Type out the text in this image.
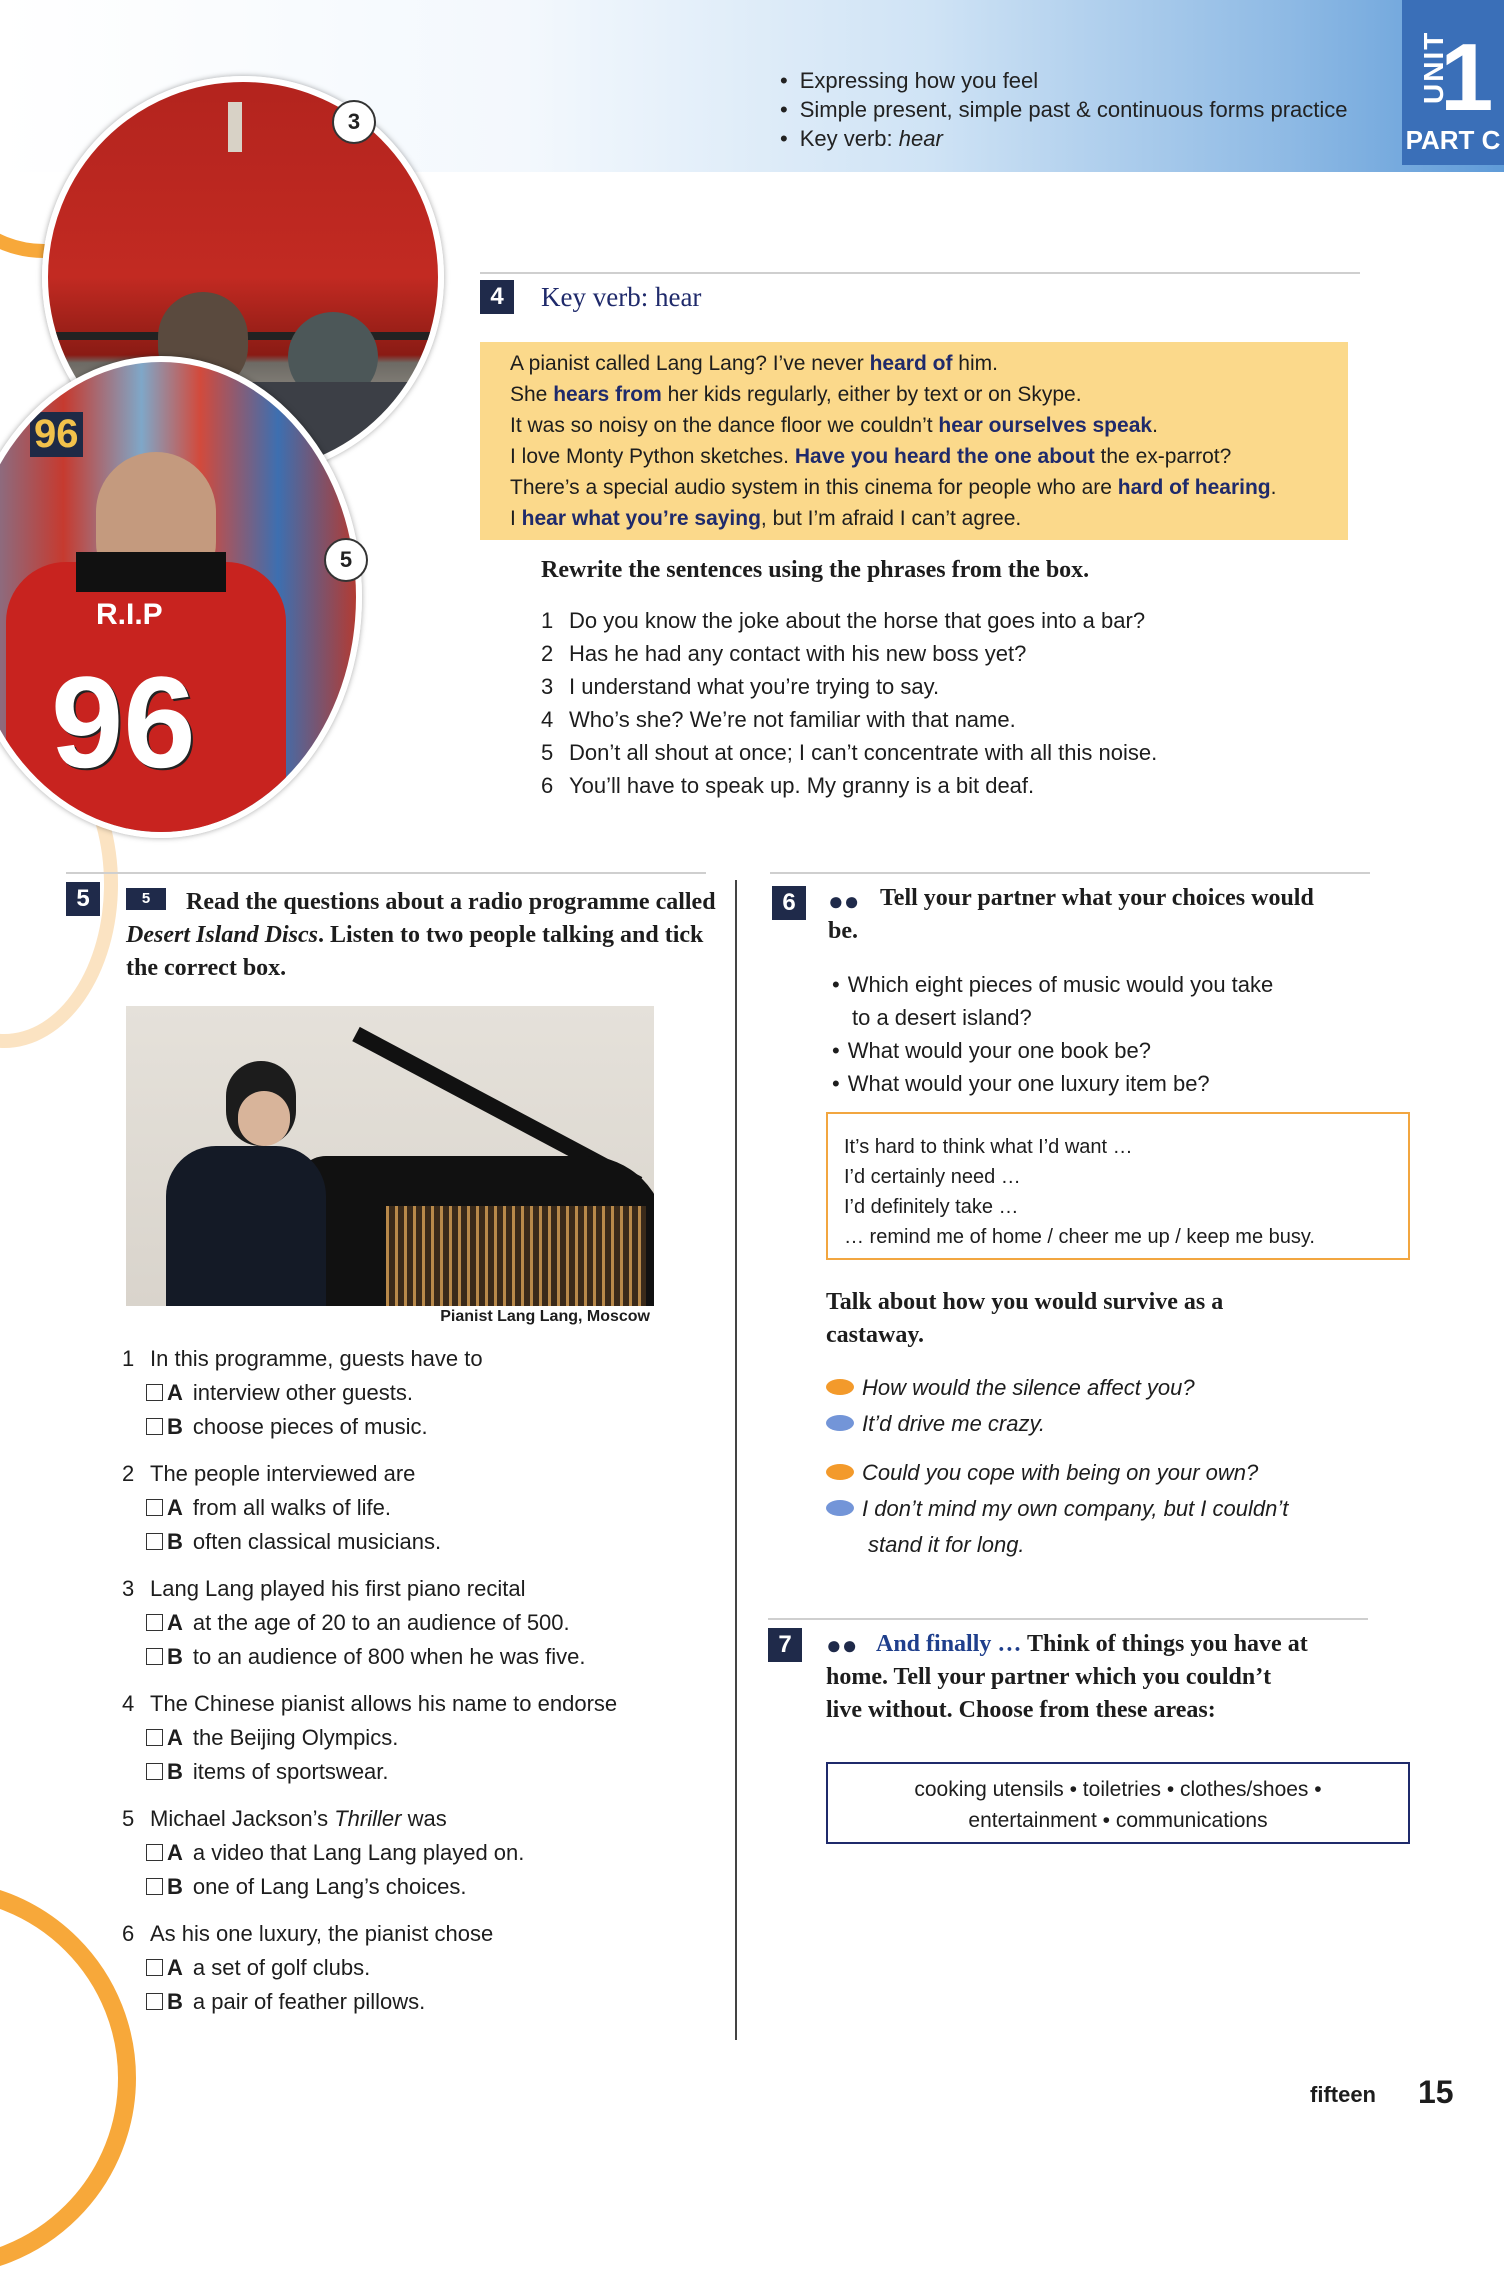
• Expressing how you feel
• Simple present, simple past & continuous forms practice
• Key verb: hear
UNIT
1
PART C
3
R.I.P
96
96
5
4	Key verb: hear
A pianist called Lang Lang? I’ve never heard of him.
She hears from her kids regularly, either by text or on Skype.
It was so noisy on the dance floor we couldn’t hear ourselves speak.
I love Monty Python sketches. Have you heard the one about the ex-parrot?
There’s a special audio system in this cinema for people who are hard of hearing.
I hear what you’re saying, but I’m afraid I can’t agree.
Rewrite the sentences using the phrases from the box.
1 Do you know the joke about the horse that goes into a bar?
2 Has he had any contact with his new boss yet?
3 I understand what you’re trying to say.
4 Who’s she? We’re not familiar with that name.
5 Don’t all shout at once; I can’t concentrate with all this noise.
6 You’ll have to speak up. My granny is a bit deaf.
5	5	Read the questions about a radio programme called Desert Island Discs. Listen to two people talking and tick the correct box.
Pianist Lang Lang, Moscow
1 In this programme, guests have to
A interview other guests.
B choose pieces of music.
2 The people interviewed are
A from all walks of life.
B often classical musicians.
3 Lang Lang played his first piano recital
A at the age of 20 to an audience of 500.
B to an audience of 800 when he was five.
4 The Chinese pianist allows his name to endorse
A the Beijing Olympics.
B items of sportswear.
5 Michael Jackson’s Thriller was
A a video that Lang Lang played on.
B one of Lang Lang’s choices.
6 As his one luxury, the pianist chose
A a set of golf clubs.
B a pair of feather pillows.
6	●● Tell your partner what your choices would be.
• Which eight pieces of music would you take
to a desert island?
• What would your one book be?
• What would your one luxury item be?
It’s hard to think what I’d want …
I’d certainly need …
I’d definitely take …
… remind me of home / cheer me up / keep me busy.
Talk about how you would survive as a
castaway.
How would the silence affect you?
It’d drive me crazy.
Could you cope with being on your own?
I don’t mind my own company, but I couldn’t
stand it for long.
7	●● And finally … Think of things you have at
home. Tell your partner which you couldn’t
live without. Choose from these areas:
cooking utensils • toiletries • clothes/shoes •
entertainment • communications
fifteen 15
